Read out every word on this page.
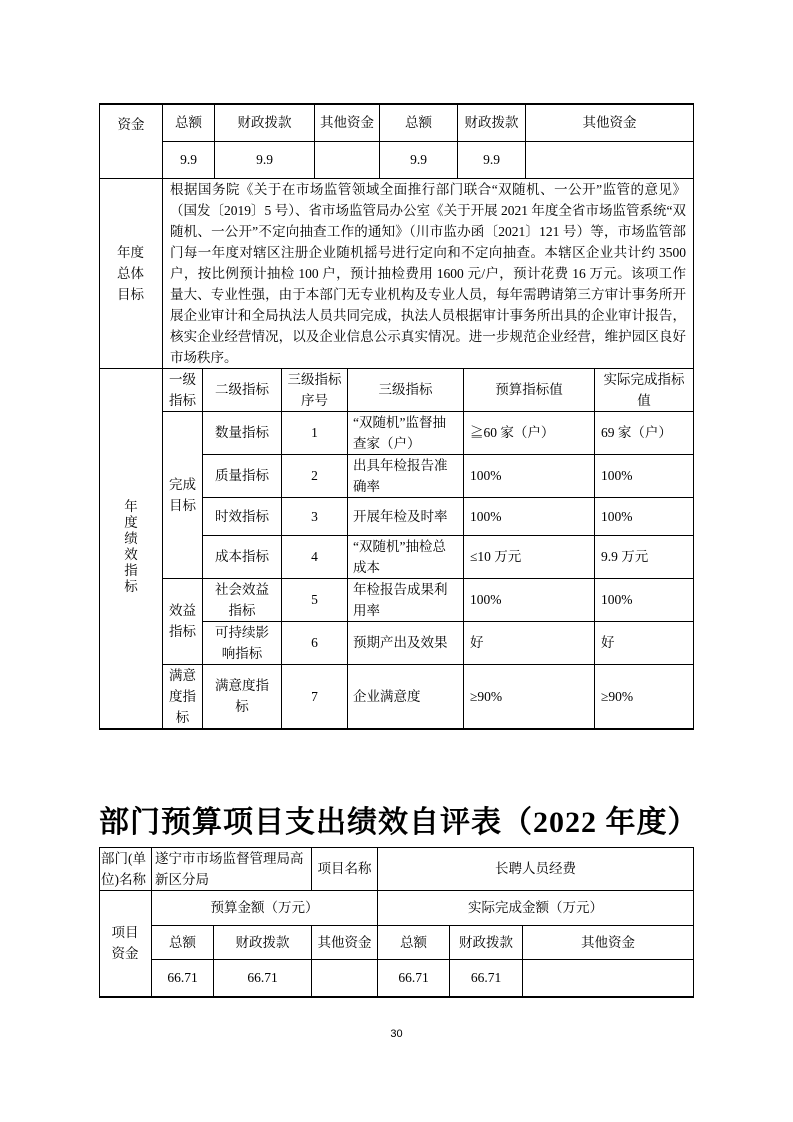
资金	总额	财政拨款	其他资金	总额	财政拨款	其他资金
	9.9	9.9		9.9	9.9	
年度总体目标	根据国务院《关于在市场监管领域全面推行部门联合“双随机、一公开”监管的意见》（国发〔2019〕5 号）、省市场监管局办公室《关于开展 2021 年度全省市场监管系统“双随机、一公开”不定向抽查工作的通知》（川市监办函〔2021〕121 号）等，市场监管部门每一年度对辖区注册企业随机摇号进行定向和不定向抽查。本辖区企业共计约 3500 户，按比例预计抽检 100 户，预计抽检费用 1600 元/户，预计花费 16 万元。该项工作量大、专业性强，由于本部门无专业机构及专业人员，每年需聘请第三方审计事务所开展企业审计和全局执法人员共同完成，执法人员根据审计事务所出具的企业审计报告，核实企业经营情况，以及企业信息公示真实情况。进一步规范企业经营，维护园区良好市场秩序。					
年度绩效指标	一级指标	二级指标	三级指标序号	三级指标	预算指标值	实际完成指标值
	完成目标	数量指标	1	“双随机”监督抽查家（户）	≧60 家（户）	69 家（户）
		质量指标	2	出具年检报告准确率	100%	100%
		时效指标	3	开展年检及时率	100%	100%
		成本指标	4	“双随机”抽检总成本	≤10 万元	9.9 万元
	效益指标	社会效益指标	5	年检报告成果利用率	100%	100%
		可持续影响指标	6	预期产出及效果	好	好
	满意度指标	满意度指标	7	企业满意度	≥90%	≥90%
部门预算项目支出绩效自评表（2022 年度）
部门(单位)名称	遂宁市市场监督管理局高新区分局		项目名称	长聘人员经费		
项目资金	预算金额（万元）			实际完成金额（万元）		
	总额	财政拨款	其他资金	总额	财政拨款	其他资金
	66.71	66.71		66.71	66.71	
30
